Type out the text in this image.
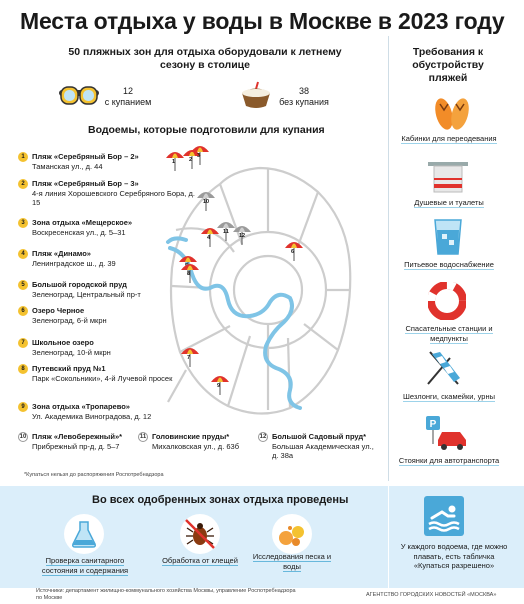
Места отдыха у воды в Москве в 2023 году
50 пляжных зон для отдыха оборудовали к летнему сезону в столице
12
с купанием
38
без купания
Водоемы, которые подготовили для купания
1	2
3
4
6
7
8
9
10
11
12
1 Пляж «Серебряный Бор – 2»
Таманская ул., д. 44
2 Пляж «Серебряный Бор – 3»
4-я линия Хорошевского Серебряного Бора, д. 15
3 Зона отдыха «Мещерское»
Воскресенская ул., д. 5–31
4 Пляж «Динамо»
Ленинградское ш., д. 39
5 Большой городской пруд
Зеленоград, Центральный пр-т
6 Озеро Черное
Зеленоград, 6-й мкрн
7 Школьное озеро
Зеленоград, 10-й мкрн
8 Путевский пруд №1
Парк «Сокольники», 4-й Лучевой просек
9 Зона отдыха «Тропарево»
Ул. Академика Виноградова, д. 12
10 Пляж «Левобережный»*
Прибрежный пр-д, д. 5–7
11 Головинские пруды*
Михалковская ул., д. 63б
12 Большой Садовый пруд*
Большая Академическая ул., д. 38а
*Купаться нельзя до распоряжения Роспотребнадзора
Требования к обустройству пляжей
Кабинки для переодевания
Душевые и туалеты
Питьевое водоснабжение
Спасательные станции и медпункты
Шезлонги, скамейки, урны
P
Стоянки для автотранспорта
Во всех одобренных зонах отдыха проведены
Проверка санитарного состояния и содержания
Обработка от клещей	Исследования песка и воды
У каждого водоема, где можно плавать, есть табличка «Купаться разрешено»
Источники: департамент жилищно-коммунального хозяйства Москвы, управление Роспотребнадзора по Москве	АГЕНТСТВО ГОРОДСКИХ НОВОСТЕЙ «МОСКВА»
